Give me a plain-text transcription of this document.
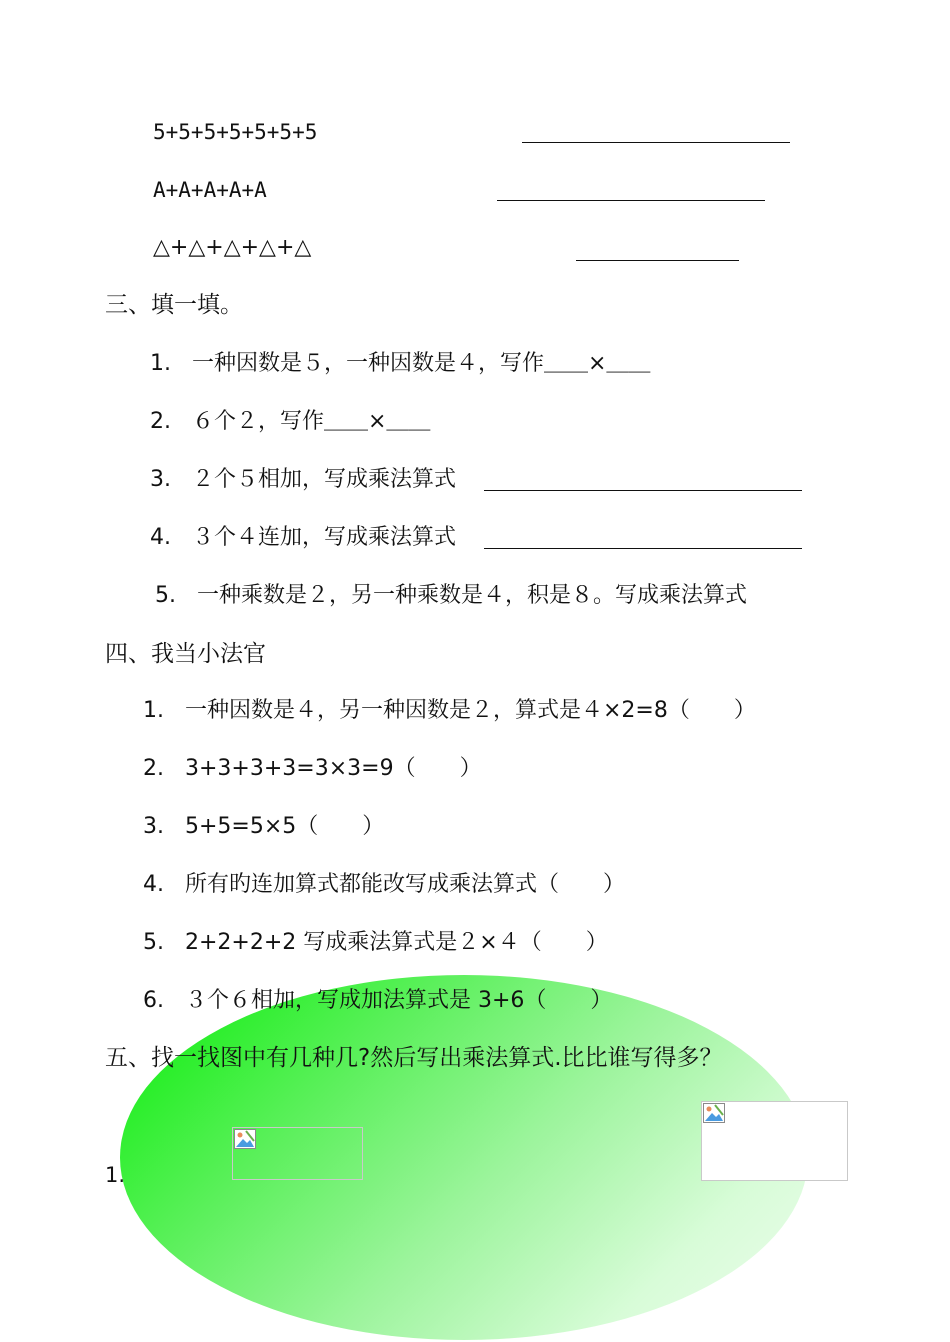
5+5+5+5+5+5+5
A+A+A+A+A
△+△+△+△+△
三、填一填。
1. 一种因数是５，一种因数是４，写作＿＿×＿＿
2. ６个２，写作＿＿×＿＿
3. ２个５相加，写成乘法算式
4. ３个４连加，写成乘法算式
5. 一种乘数是２，另一种乘数是４，积是８。写成乘法算式
四、我当小法官
1. 一种因数是４，另一种因数是２，算式是４×2=8（　　）
2. 3+3+3+3=3×3=9（　　）
3. 5+5=5×5（　　）
4. 所有旳连加算式都能改写成乘法算式（　　）
5. 2+2+2+2 写成乘法算式是２×４（　　）
6. ３个６相加，写成加法算式是 3+6（　　）
五、找一找图中有几种几?然后写出乘法算式.比比谁写得多？
1.
